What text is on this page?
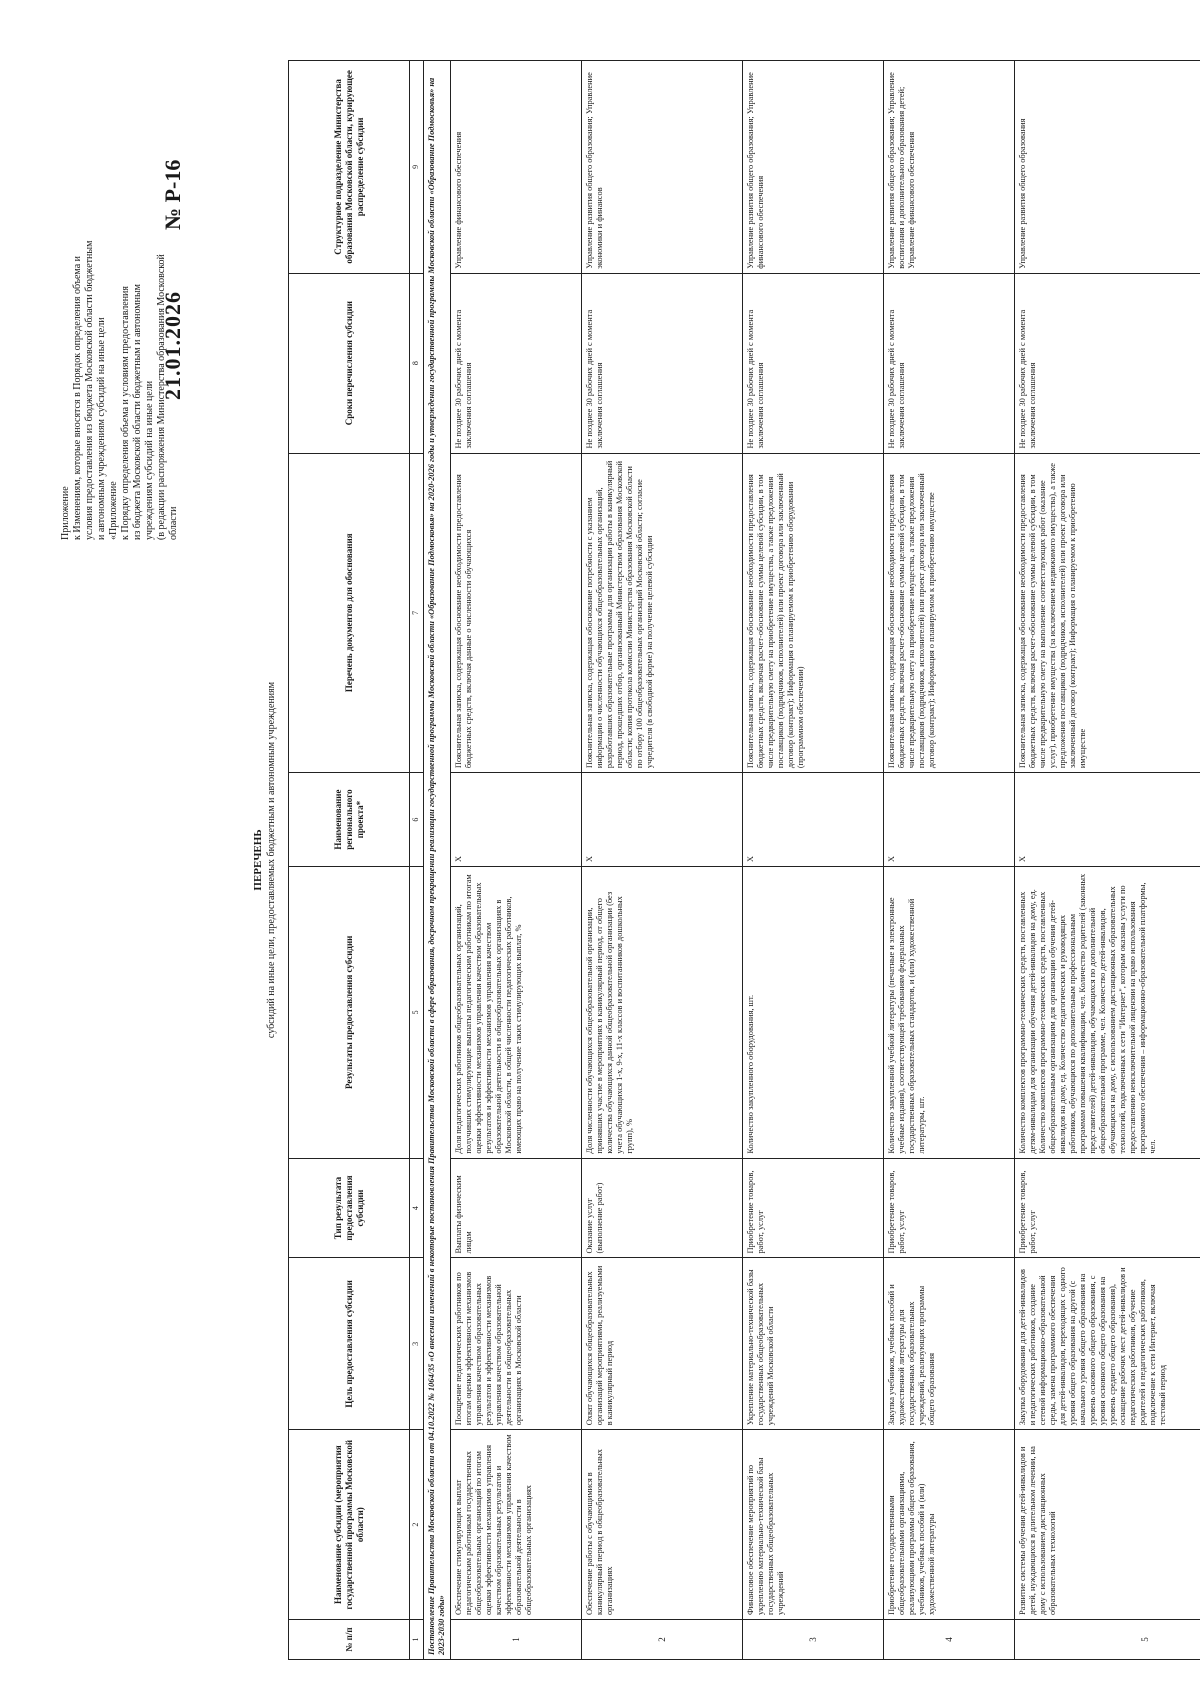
Приложение к Изменениям, которые вносятся в Порядок определения объема и условия предоставления из бюджета Московской области бюджетным и автономным учреждениям субсидий на иные цели «Приложение к Порядку определения объема и условиям предоставления из бюджета Московской области бюджетным и автономным учреждениям субсидий на иные цели (в редакции распоряжения Министерства образования Московской области
21.01.2026
№ Р-16
ПЕРЕЧЕНЬ субсидий на иные цели, предоставляемых бюджетным и автономным учреждениям
№ п/п
Наименование субсидии (мероприятия государственной программы Московской области)
Цель предоставления субсидии
Тип результата предоставления субсидии
Результаты предоставления субсидии
Наименование регионального проекта*
Перечень документов для обоснования
Сроки перечисления субсидии
Структурное подразделение Министерства образования Московской области, курирующее распределение субсидии
1
2
3
4
5
6
7
8
9 Постановление Правительства Московской области от 04.10.2022 № 1064/35 «О внесении изменений в некоторые постановления Правительства Московской области в сфере образования, досрочном прекращении реализации государственной программы Московской области «Образование Подмосковья» на 2020-2026 годы и утверждении государственной программы Московской области «Образование Подмосковья» на 2023-2030 годы»	1
Обеспечение стимулирующих выплат педагогическим работникам государственных общеобразовательных организаций по итогам оценки эффективности механизмов управления качеством образовательных результатов и эффективности механизмов управления качеством образовательной деятельности в общеобразовательных организациях
Поощрение педагогических работников по итогам оценки эффективности механизмов управления качеством образовательных результатов и эффективности механизмов управления качеством образовательной деятельности в общеобразовательных организациях в Московской области
Выплаты физическим лицам
Доля педагогических работников общеобразовательных организаций, получивших стимулирующие выплаты педагогическим работникам по итогам оценки эффективности механизмов управления качеством образовательных результатов и эффективности механизмов управления качеством образовательной деятельности в общеобразовательных организациях в Московской области, в общей численности педагогических работников, имеющих право на получение таких стимулирующих выплат, %
X
Пояснительная записка, содержащая обоснование необходимости предоставления бюджетных средств, включая данные о численности обучающихся
Не позднее 30 рабочих дней с момента заключения соглашения
Управление финансового обеспечения
2
Обеспечение работы с обучающимися в каникулярный период в общеобразовательных организациях
Охват обучающихся общеобразовательных организаций мероприятиями, реализуемыми в каникулярный период
Оказание услуг (выполнение работ)
Доля численности обучающихся общеобразовательной организации, принявших участие в мероприятиях в каникулярный период, от общего количества обучающихся данной общеобразовательной организации (без учета обучающихся 1-х, 9-х, 11-х классов и воспитанников дошкольных групп), %
X
Пояснительная записка, содержащая обоснование потребности с указанием информации о численности обучающихся общеобразовательных организаций, разработавших образовательные программы для организации работы в каникулярный период, прошедших отбор, организованный Министерством образования Московской области; копия протокола комиссии Министерства образования Московской области по отбору 100 общеобразовательных организаций Московской области; согласие учредителя (в свободной форме) на получение целевой субсидии
Не позднее 30 рабочих дней с момента заключения соглашения
Управление развития общего образования; Управление экономики и финансов
3
Финансовое обеспечение мероприятий по укреплению материально-технической базы государственных общеобразовательных учреждений
Укрепление материально-технической базы государственных общеобразовательных учреждений Московской области
Приобретение товаров, работ, услуг
Количество закупленного оборудования, шт.
X
Пояснительная записка, содержащая обоснование необходимости предоставления бюджетных средств, включая расчет-обоснование суммы целевой субсидии, в том числе предварительную смету на приобретение имущества, а также предложения поставщиков (подрядчиков, исполнителей) или проект договора или заключенный договор (контракт); Информация о планируемом к приобретению оборудовании (программном обеспечении)
Не позднее 30 рабочих дней с момента заключения соглашения
Управление развития общего образования; Управление финансового обеспечения
4
Приобретение государственными общеобразовательными организациями, реализующими программы общего образования, учебников, учебных пособий и (или) художественной литературы
Закупка учебников, учебных пособий и художественной литературы для государственных образовательных учреждений, реализующих программы общего образования
Приобретение товаров, работ, услуг
Количество закупленной учебной литературы (печатные и электронные учебные издания), соответствующей требованиям федеральных государственных образовательных стандартов, и (или) художественной литературы, шт.
X
Пояснительная записка, содержащая обоснование необходимости предоставления бюджетных средств, включая расчет-обоснование суммы целевой субсидии, в том числе предварительную смету на приобретение имущества, а также предложения поставщиков (подрядчиков, исполнителей) или проект договора или заключенный договор (контракт); Информация о планируемом к приобретению имуществе
Не позднее 30 рабочих дней с момента заключения соглашения
Управление развития общего образования; Управление воспитания и дополнительного образования детей; Управление финансового обеспечения
5
Развитие системы обучения детей-инвалидов и детей, нуждающихся в длительном лечении, на дому с использованием дистанционных образовательных технологий
Закупка оборудования для детей-инвалидов и педагогических работников, создание сетевой информационно-образовательной среды, замена программного обеспечения для детей-инвалидов, переходящих с одного уровня общего образования на другой (с начального уровня общего образования на уровень основного общего образования, с уровня основного общего образования на уровень среднего общего образования), оснащение рабочих мест детей-инвалидов и педагогических работников, обучение родителей и педагогических работников, подключение к сети Интернет, включая тестовый период
Приобретение товаров, работ, услуг
Количество комплектов программно-технических средств, поставленных детям-инвалидам для организации обучения детей-инвалидов на дому, ед. Количество комплектов программно-технических средств, поставленных общеобразовательным организациям для организации обучения детей-инвалидов на дому, ед. Количество педагогических и руководящих работников, обучающихся по дополнительным профессиональным программам повышения квалификации, чел. Количество родителей (законных представителей) детей-инвалидов, обучающихся по дополнительной общеобразовательной программе, чел. Количество детей-инвалидов, обучающихся на дому, с использованием дистанционных образовательных технологий, подключенных к сети "Интернет", которым оказаны услуги по предоставлению неисключительной лицензии на право использования программного обеспечения – информационно-образовательной платформы, чел.
X
Пояснительная записка, содержащая обоснование необходимости предоставления бюджетных средств, включая расчет-обоснование суммы целевой субсидии, в том числе предварительную смету на выполнение соответствующих работ (оказание услуг), приобретение имущества (за исключением недвижимого имущества), а также предложения поставщиков (подрядчиков, исполнителей) или проект договора или заключенный договор (контракт); Информация о планируемом к приобретению имуществе
Не позднее 30 рабочих дней с момента заключения соглашения
Управление развития общего образования
